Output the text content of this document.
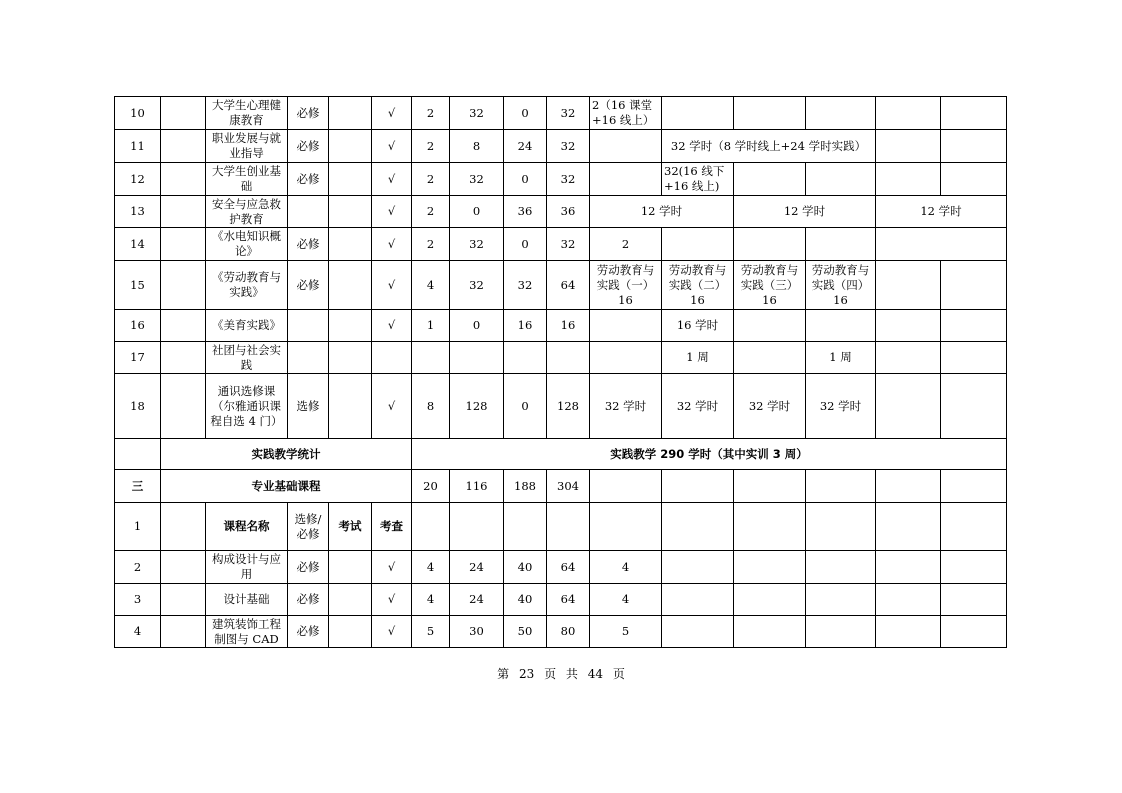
10		大学生心理健康教育	必修		√	2	32	0	32	2（16 课堂+16 线上）					
11		职业发展与就业指导	必修		√	2	8	24	32		32 学时（8 学时线上+24 学时实践）				
12		大学生创业基础	必修		√	2	32	0	32		32(16 线下+16 线上)				
13		安全与应急救护教育			√	2	0	36	36	12 学时		12 学时		12 学时	
14		《水电知识概论》	必修		√	2	32	0	32	2					
15		《劳动教育与实践》	必修		√	4	32	32	64	劳动教育与实践（一）16	劳动教育与实践（二）16	劳动教育与实践（三）16	劳动教育与实践（四）16		
16		《美育实践》			√	1	0	16	16		16 学时				
17		社团与社会实践									1 周		1 周		
18		通识选修课（尔雅通识课程自选 4 门）	选修		√	8	128	0	128	32 学时	32 学时	32 学时	32 学时		
	实践教学统计					实践教学 290 学时（其中实训 3 周）									
三	专业基础课程					20	116	188	304						
1		课程名称	选修/必修	考试	考查										
2		构成设计与应用	必修		√	4	24	40	64	4					
3		设计基础	必修		√	4	24	40	64	4					
4		建筑装饰工程制图与 CAD	必修		√	5	30	50	80	5					
第 23 页 共 44 页
